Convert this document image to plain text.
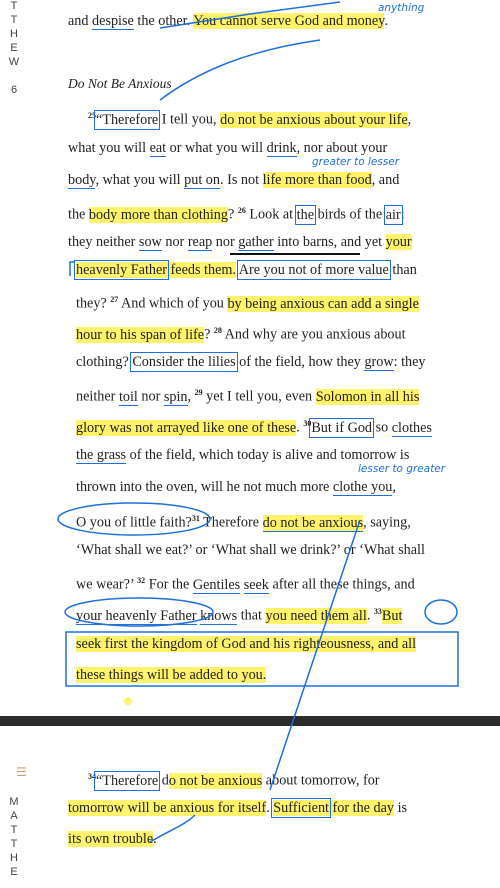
TTHEW 6	and despise the other. You cannot serve God and money.
Do Not Be Anxious
$^{25}$“Therefore I tell you, do not be anxious about your life,
what you will eat or what you will drink, nor about your
body, what you will put on. Is not life more than food, and
the body more than clothing? $^{26}$ Look at the birds of the air:
they neither sow nor reap nor gather into barns, and yet your
heavenly Father feeds them. Are you not of more value than
they? $^{27}$ And which of you by being anxious can add a single
hour to his span of life? $^{28}$ And why are you anxious about
clothing? Consider the lilies of the field, how they grow: they
neither toil nor spin, $^{29}$ yet I tell you, even Solomon in all his
glory was not arrayed like one of these. $^{30}$But if God so clothes
the grass of the field, which today is alive and tomorrow is
thrown into the oven, will he not much more clothe you,
O you of little faith?$^{31}$ Therefore do not be anxious, saying,
‘What shall we eat?’ or ‘What shall we drink?’ or ‘What shall
we wear?’ $^{32}$ For the Gentiles seek after all these things, and
your heavenly Father knows that you need them all. $^{33}$But
seek first the kingdom of God and his righteousness, and all
these things will be added to you.
☰
MATTHE
$^{34}$“Therefore do not be anxious about tomorrow, for
tomorrow will be anxious for itself. Sufficient for the day is
its own trouble.
anything
greater to lesser
lesser to greater
